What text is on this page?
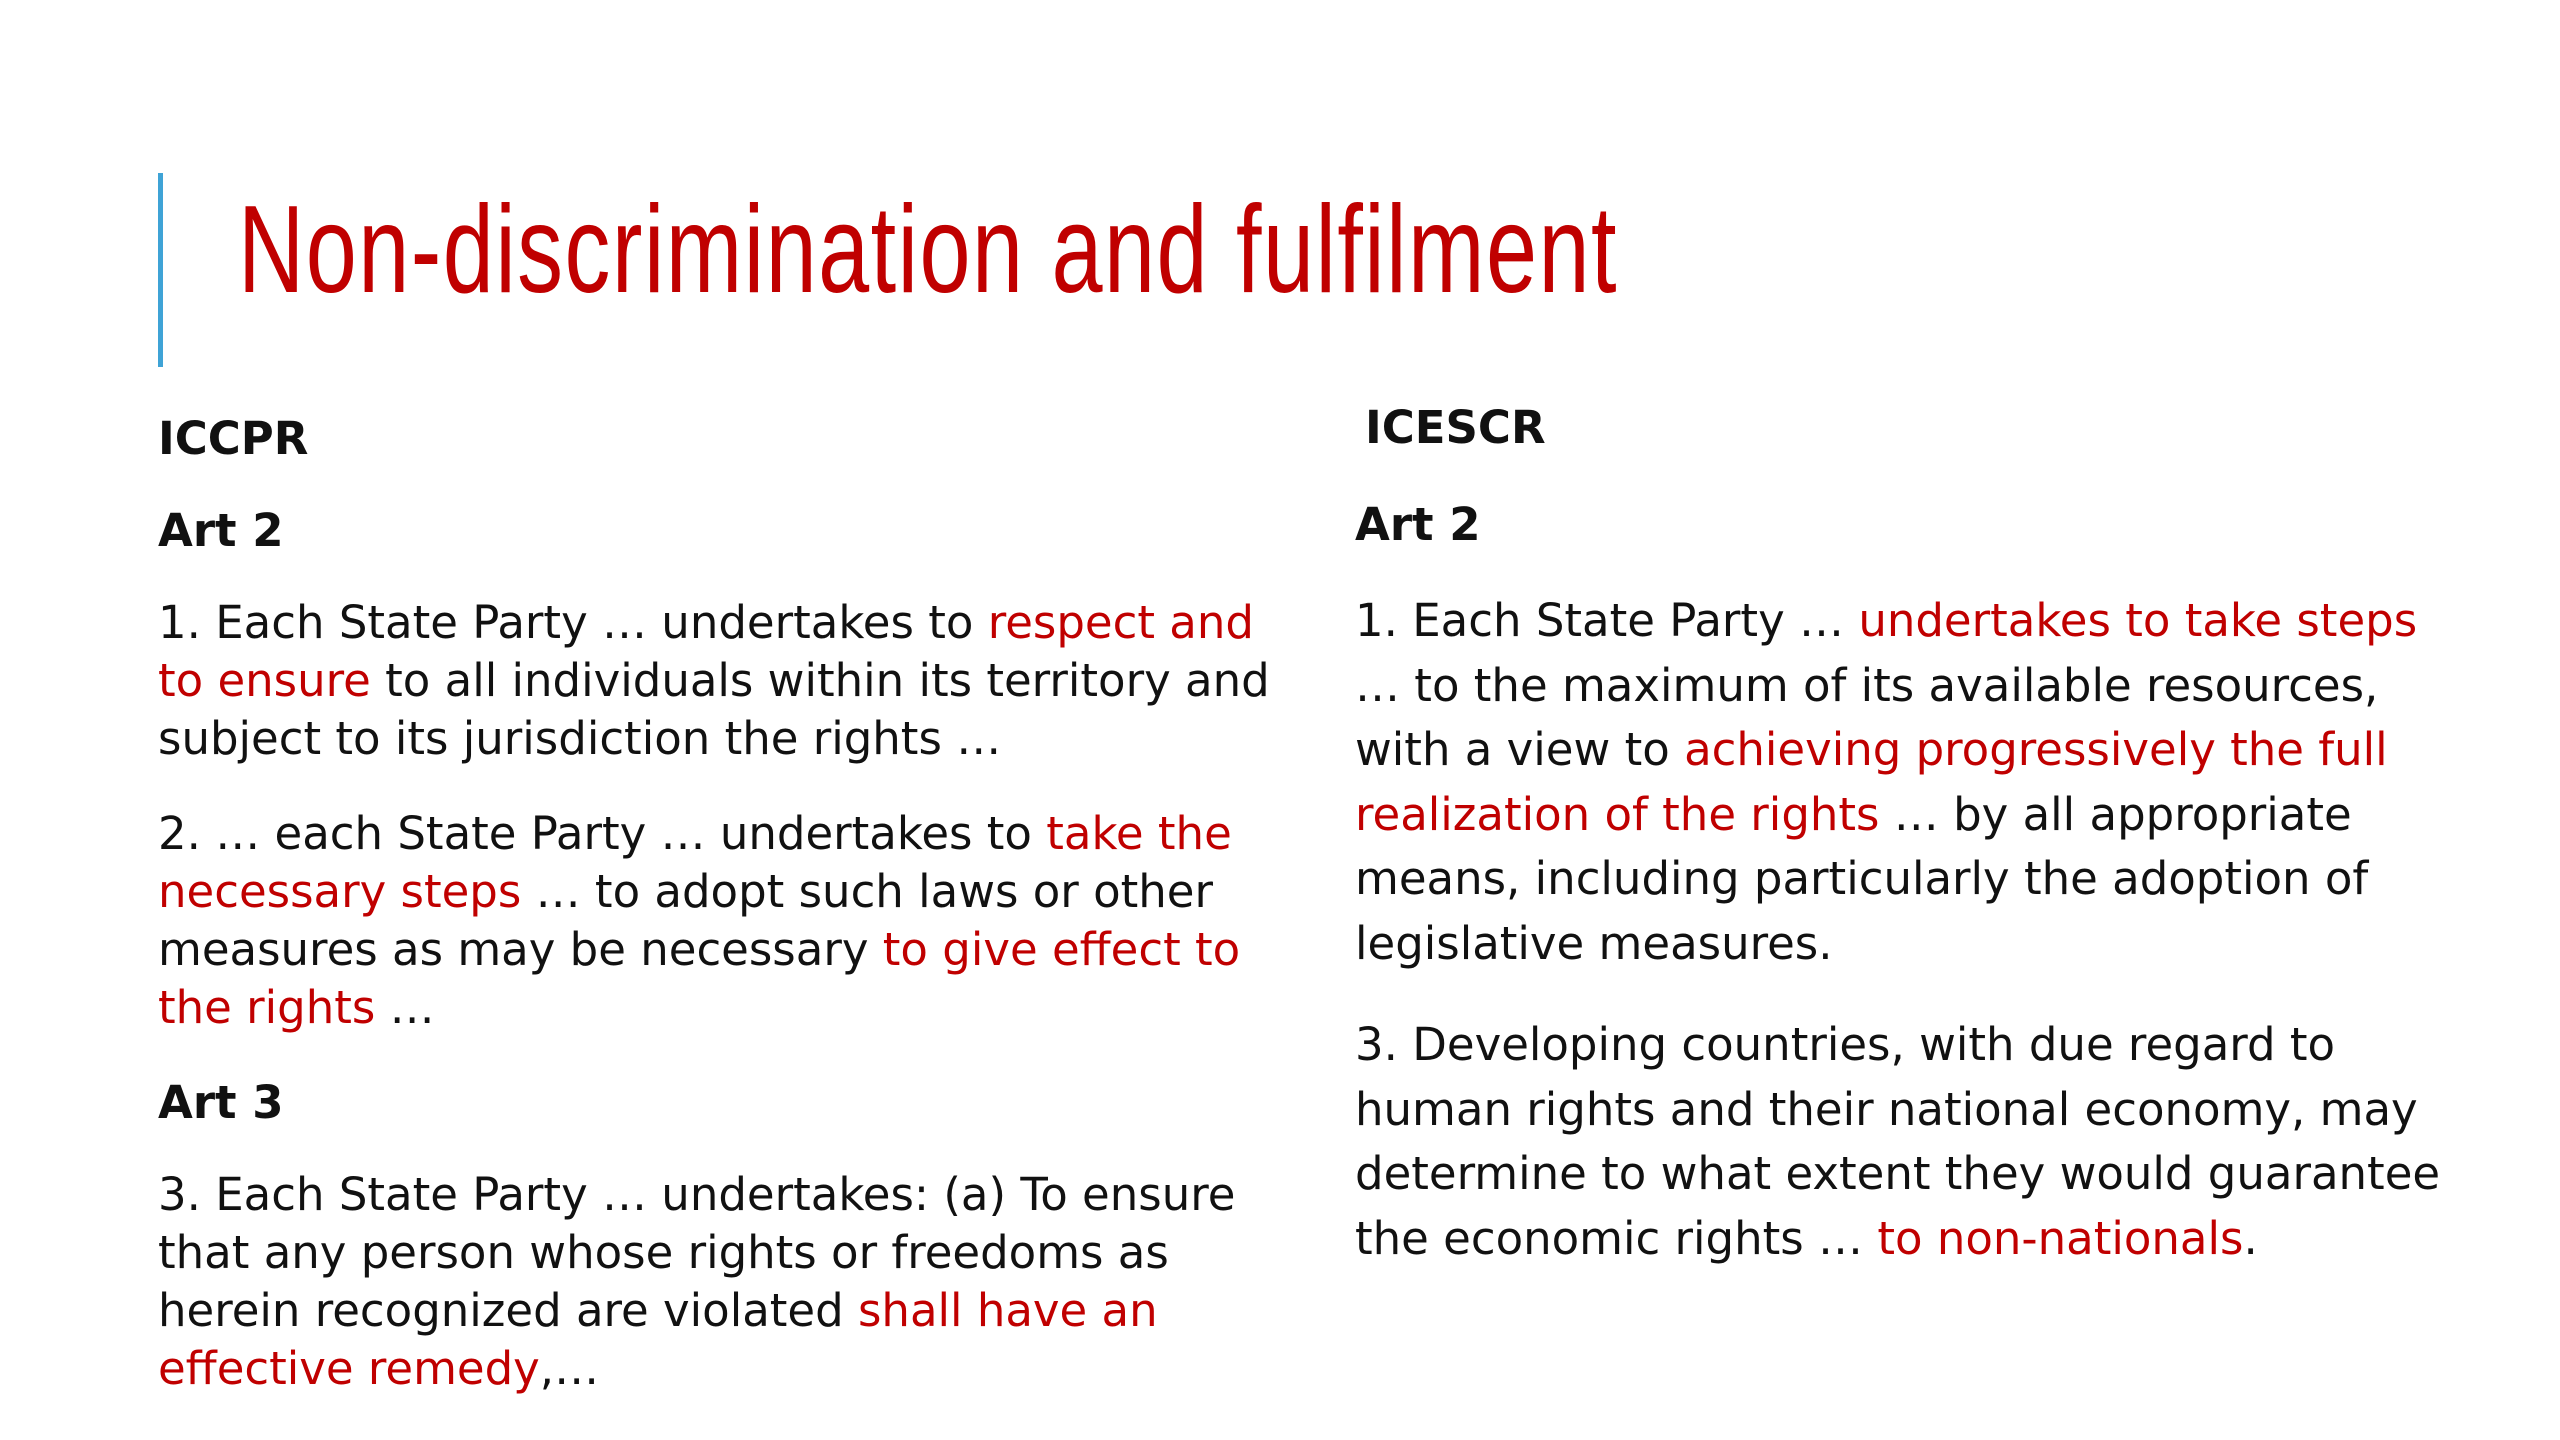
Non-discrimination and fulfilment
ICCPR
Art 2
1. Each State Party … undertakes to respect and
to ensure to all individuals within its territory and
subject to its jurisdiction the rights …
2. … each State Party … undertakes to take the
necessary steps … to adopt such laws or other
measures as may be necessary to give effect to
the rights …
Art 3
3. Each State Party … undertakes: (a) To ensure
that any person whose rights or freedoms as
herein recognized are violated shall have an
effective remedy,…
ICESCR
Art 2
1. Each State Party … undertakes to take steps
… to the maximum of its available resources,
with a view to achieving progressively the full
realization of the rights … by all appropriate
means, including particularly the adoption of
legislative measures.
3. Developing countries, with due regard to
human rights and their national economy, may
determine to what extent they would guarantee
the economic rights … to non-nationals.
